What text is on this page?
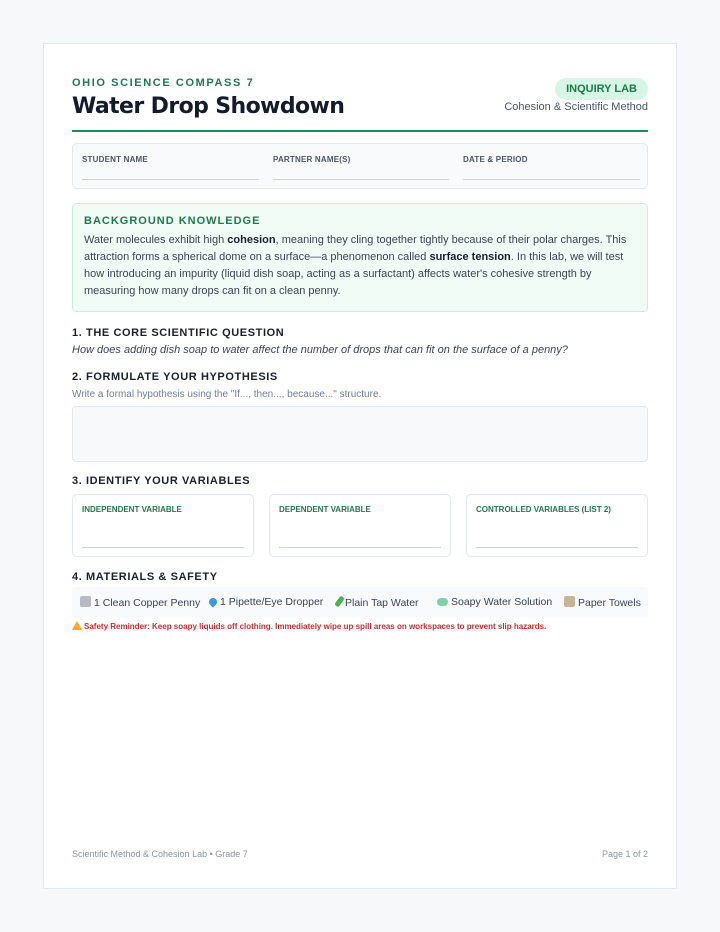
OHIO SCIENCE COMPASS 7
Water Drop Showdown
INQUIRY LAB
Cohesion & Scientific Method
STUDENT NAME	PARTNER NAME(S)	DATE & PERIOD
BACKGROUND KNOWLEDGE
Water molecules exhibit high cohesion, meaning they cling together tightly because of their polar charges. This attraction forms a spherical dome on a surface—a phenomenon called surface tension. In this lab, we will test how introducing an impurity (liquid dish soap, acting as a surfactant) affects water's cohesive strength by measuring how many drops can fit on a clean penny.
1. THE CORE SCIENTIFIC QUESTION
How does adding dish soap to water affect the number of drops that can fit on the surface of a penny?
2. FORMULATE YOUR HYPOTHESIS
Write a formal hypothesis using the "If..., then..., because..." structure.
3. IDENTIFY YOUR VARIABLES
INDEPENDENT VARIABLE	DEPENDENT VARIABLE	CONTROLLED VARIABLES (LIST 2)
4. MATERIALS & SAFETY
1 Clean Copper Penny	1 Pipette/Eye Dropper	Plain Tap Water	Soapy Water Solution	Paper Towels
Safety Reminder: Keep soapy liquids off clothing. Immediately wipe up spill areas on workspaces to prevent slip hazards.
Scientific Method & Cohesion Lab • Grade 7	Page 1 of 2
